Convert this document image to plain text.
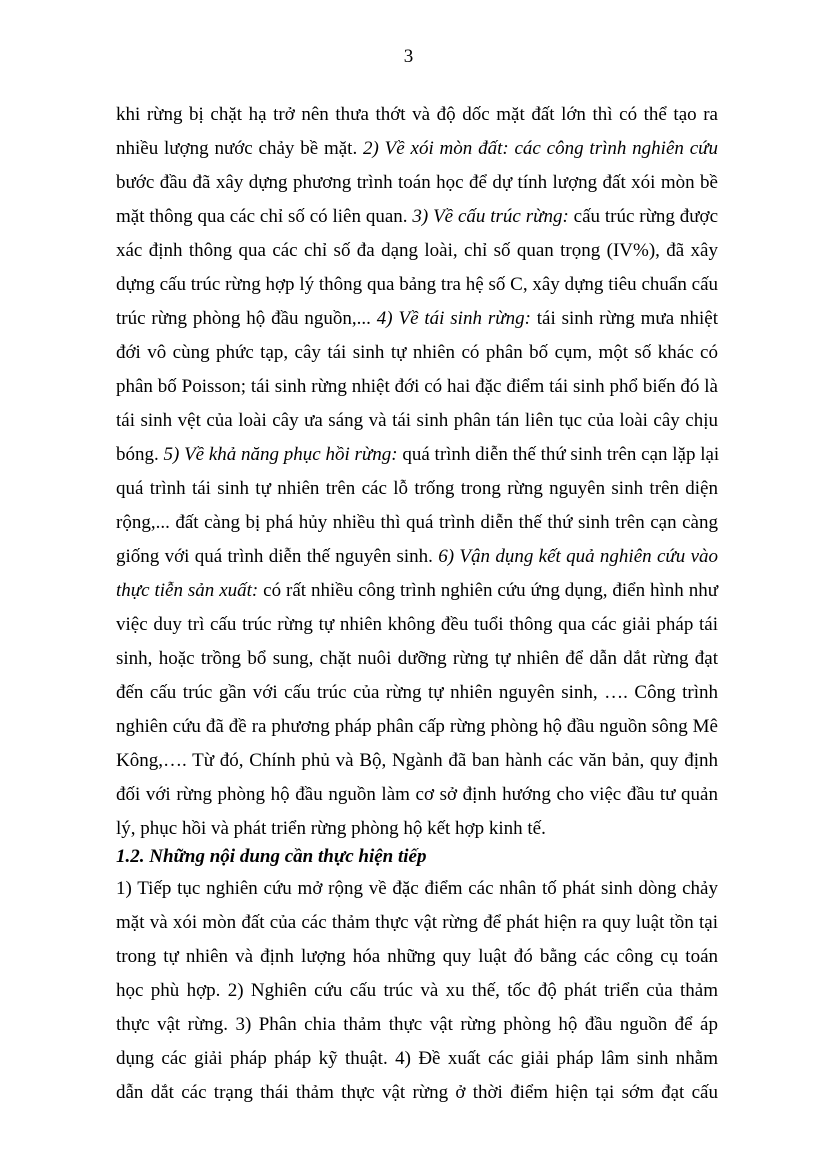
3
khi rừng bị chặt hạ trở nên thưa thớt và độ dốc mặt đất lớn thì có thể tạo ra
nhiều lượng nước chảy bề mặt. 2) Về xói mòn đất: các công trình nghiên cứu
bước đầu đã xây dựng phương trình toán học để dự tính lượng đất xói mòn bề
mặt thông qua các chỉ số có liên quan. 3) Về cấu trúc rừng: cấu trúc rừng được
xác định thông qua các chỉ số đa dạng loài, chỉ số quan trọng (IV%), đã xây
dựng cấu trúc rừng hợp lý thông qua bảng tra hệ số C, xây dựng tiêu chuẩn cấu
trúc rừng phòng hộ đầu nguồn,... 4) Về tái sinh rừng: tái sinh rừng mưa nhiệt
đới vô cùng phức tạp, cây tái sinh tự nhiên có phân bố cụm, một số khác có
phân bố Poisson; tái sinh rừng nhiệt đới có hai đặc điểm tái sinh phổ biến đó là
tái sinh vệt của loài cây ưa sáng và tái sinh phân tán liên tục của loài cây chịu
bóng. 5) Về khả năng phục hồi rừng: quá trình diễn thế thứ sinh trên cạn lặp lại
quá trình tái sinh tự nhiên trên các lỗ trống trong rừng nguyên sinh trên diện
rộng,... đất càng bị phá hủy nhiều thì quá trình diễn thế thứ sinh trên cạn càng
giống với quá trình diễn thế nguyên sinh. 6) Vận dụng kết quả nghiên cứu vào
thực tiễn sản xuất: có rất nhiều công trình nghiên cứu ứng dụng, điển hình như
việc duy trì cấu trúc rừng tự nhiên không đều tuổi thông qua các giải pháp tái
sinh, hoặc trồng bổ sung, chặt nuôi dưỡng rừng tự nhiên để dẫn dắt rừng đạt
đến cấu trúc gần với cấu trúc của rừng tự nhiên nguyên sinh, …. Công trình
nghiên cứu đã đề ra phương pháp phân cấp rừng phòng hộ đầu nguồn sông Mê
Kông,…. Từ đó, Chính phủ và Bộ, Ngành đã ban hành các văn bản, quy định
đối với rừng phòng hộ đầu nguồn làm cơ sở định hướng cho việc đầu tư quản
lý, phục hồi và phát triển rừng phòng hộ kết hợp kinh tế.
1.2. Những nội dung cần thực hiện tiếp
1) Tiếp tục nghiên cứu mở rộng về đặc điểm các nhân tố phát sinh dòng chảy
mặt và xói mòn đất của các thảm thực vật rừng để phát hiện ra quy luật tồn tại
trong tự nhiên và định lượng hóa những quy luật đó bằng các công cụ toán
học phù hợp. 2) Nghiên cứu cấu trúc và xu thế, tốc độ phát triển của thảm
thực vật rừng. 3) Phân chia thảm thực vật rừng phòng hộ đầu nguồn để áp
dụng các giải pháp pháp kỹ thuật. 4) Đề xuất các giải pháp lâm sinh nhằm
dẫn dắt các trạng thái thảm thực vật rừng ở thời điểm hiện tại sớm đạt cấu
